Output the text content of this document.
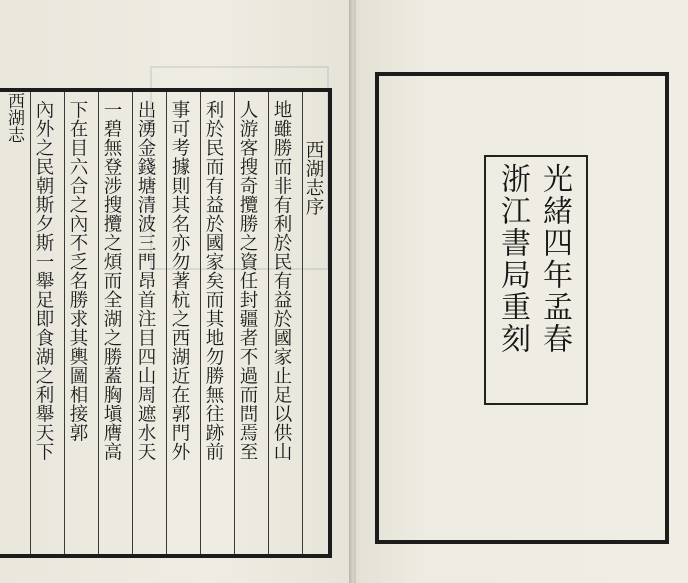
西湖志
西湖志序
地雖勝而非有利於民有益於國家止足以供山
人游客搜奇攬勝之資任封疆者不過而問焉至
利於民而有益於國家矣而其地勿勝無往跡前
事可考據則其名亦勿著杭之西湖近在郭門外
出湧金錢塘清波三門昂首注目四山周遮水天
一碧無登涉搜攬之煩而全湖之勝蓋胸塡膺高
下在目六合之內不乏名勝求其輿圖相接郭
內外之民朝斯夕斯一舉足即食湖之利舉天下	光緒四年孟春
浙江書局重刻
